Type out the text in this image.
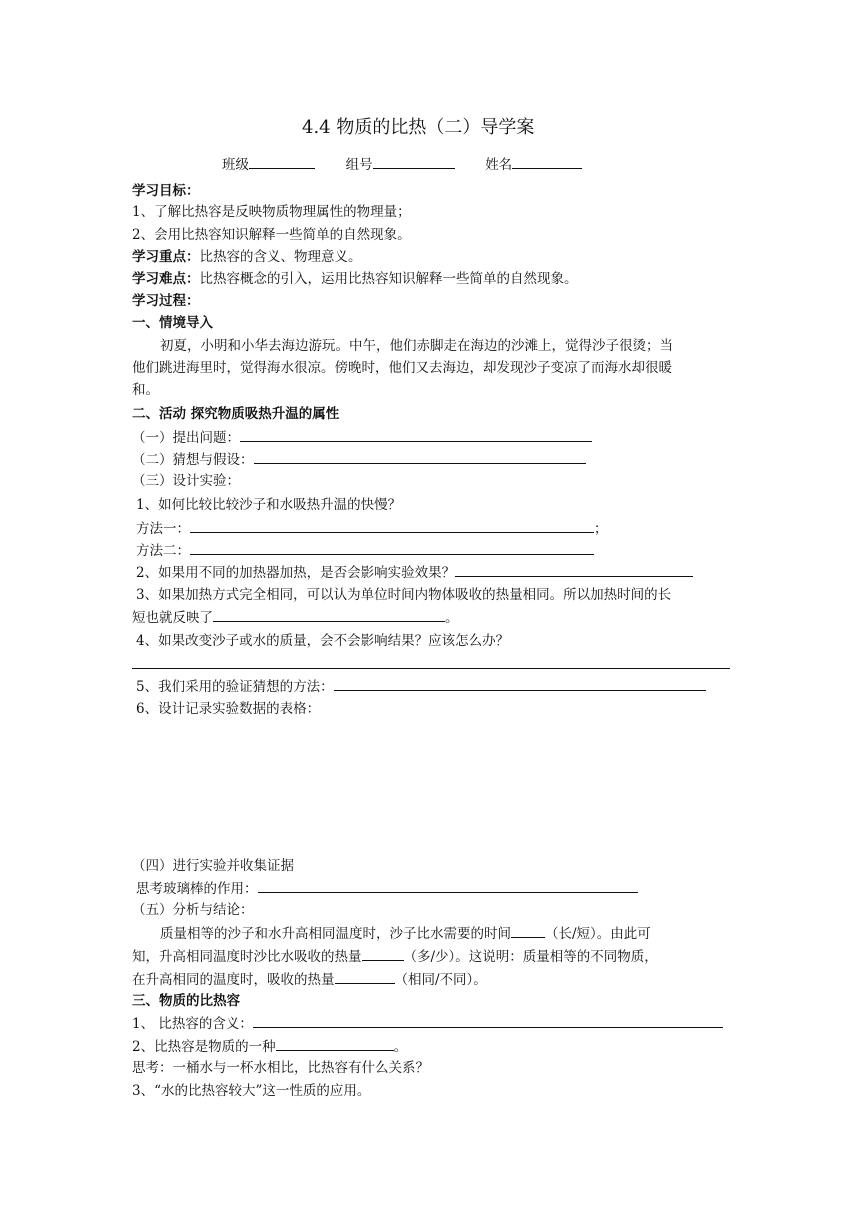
4.4 物质的比热（二）导学案
班级	组号	姓名
学习目标：
1、了解比热容是反映物质物理属性的物理量；
2、会用比热容知识解释一些简单的自然现象。
学习重点：比热容的含义、物理意义。
学习难点：比热容概念的引入，运用比热容知识解释一些简单的自然现象。
学习过程：
一、情境导入
初夏，小明和小华去海边游玩。中午，他们赤脚走在海边的沙滩上，觉得沙子很烫；当
他们跳进海里时，觉得海水很凉。傍晚时，他们又去海边，却发现沙子变凉了而海水却很暖
和。
二、活动 探究物质吸热升温的属性
（一）提出问题：
（二）猜想与假设：
（三）设计实验：
1、如何比较比较沙子和水吸热升温的快慢？
方法一：	；
方法二：
2、如果用不同的加热器加热，是否会影响实验效果？
3、如果加热方式完全相同，可以认为单位时间内物体吸收的热量相同。所以加热时间的长
短也就反映了	。
4、如果改变沙子或水的质量，会不会影响结果？应该怎么办？
5、我们采用的验证猜想的方法：
6、设计记录实验数据的表格：
（四）进行实验并收集证据
思考玻璃棒的作用：
（五）分析与结论：
质量相等的沙子和水升高相同温度时，沙子比水需要的时间	（长/短）。由此可
知，升高相同温度时沙比水吸收的热量	（多/少）。这说明：质量相等的不同物质，
在升高相同的温度时，吸收的热量	（相同/不同）。
三、物质的比热容
1、 比热容的含义：
2、比热容是物质的一种	。
思考：一桶水与一杯水相比，比热容有什么关系？
3、“水的比热容较大”这一性质的应用。
